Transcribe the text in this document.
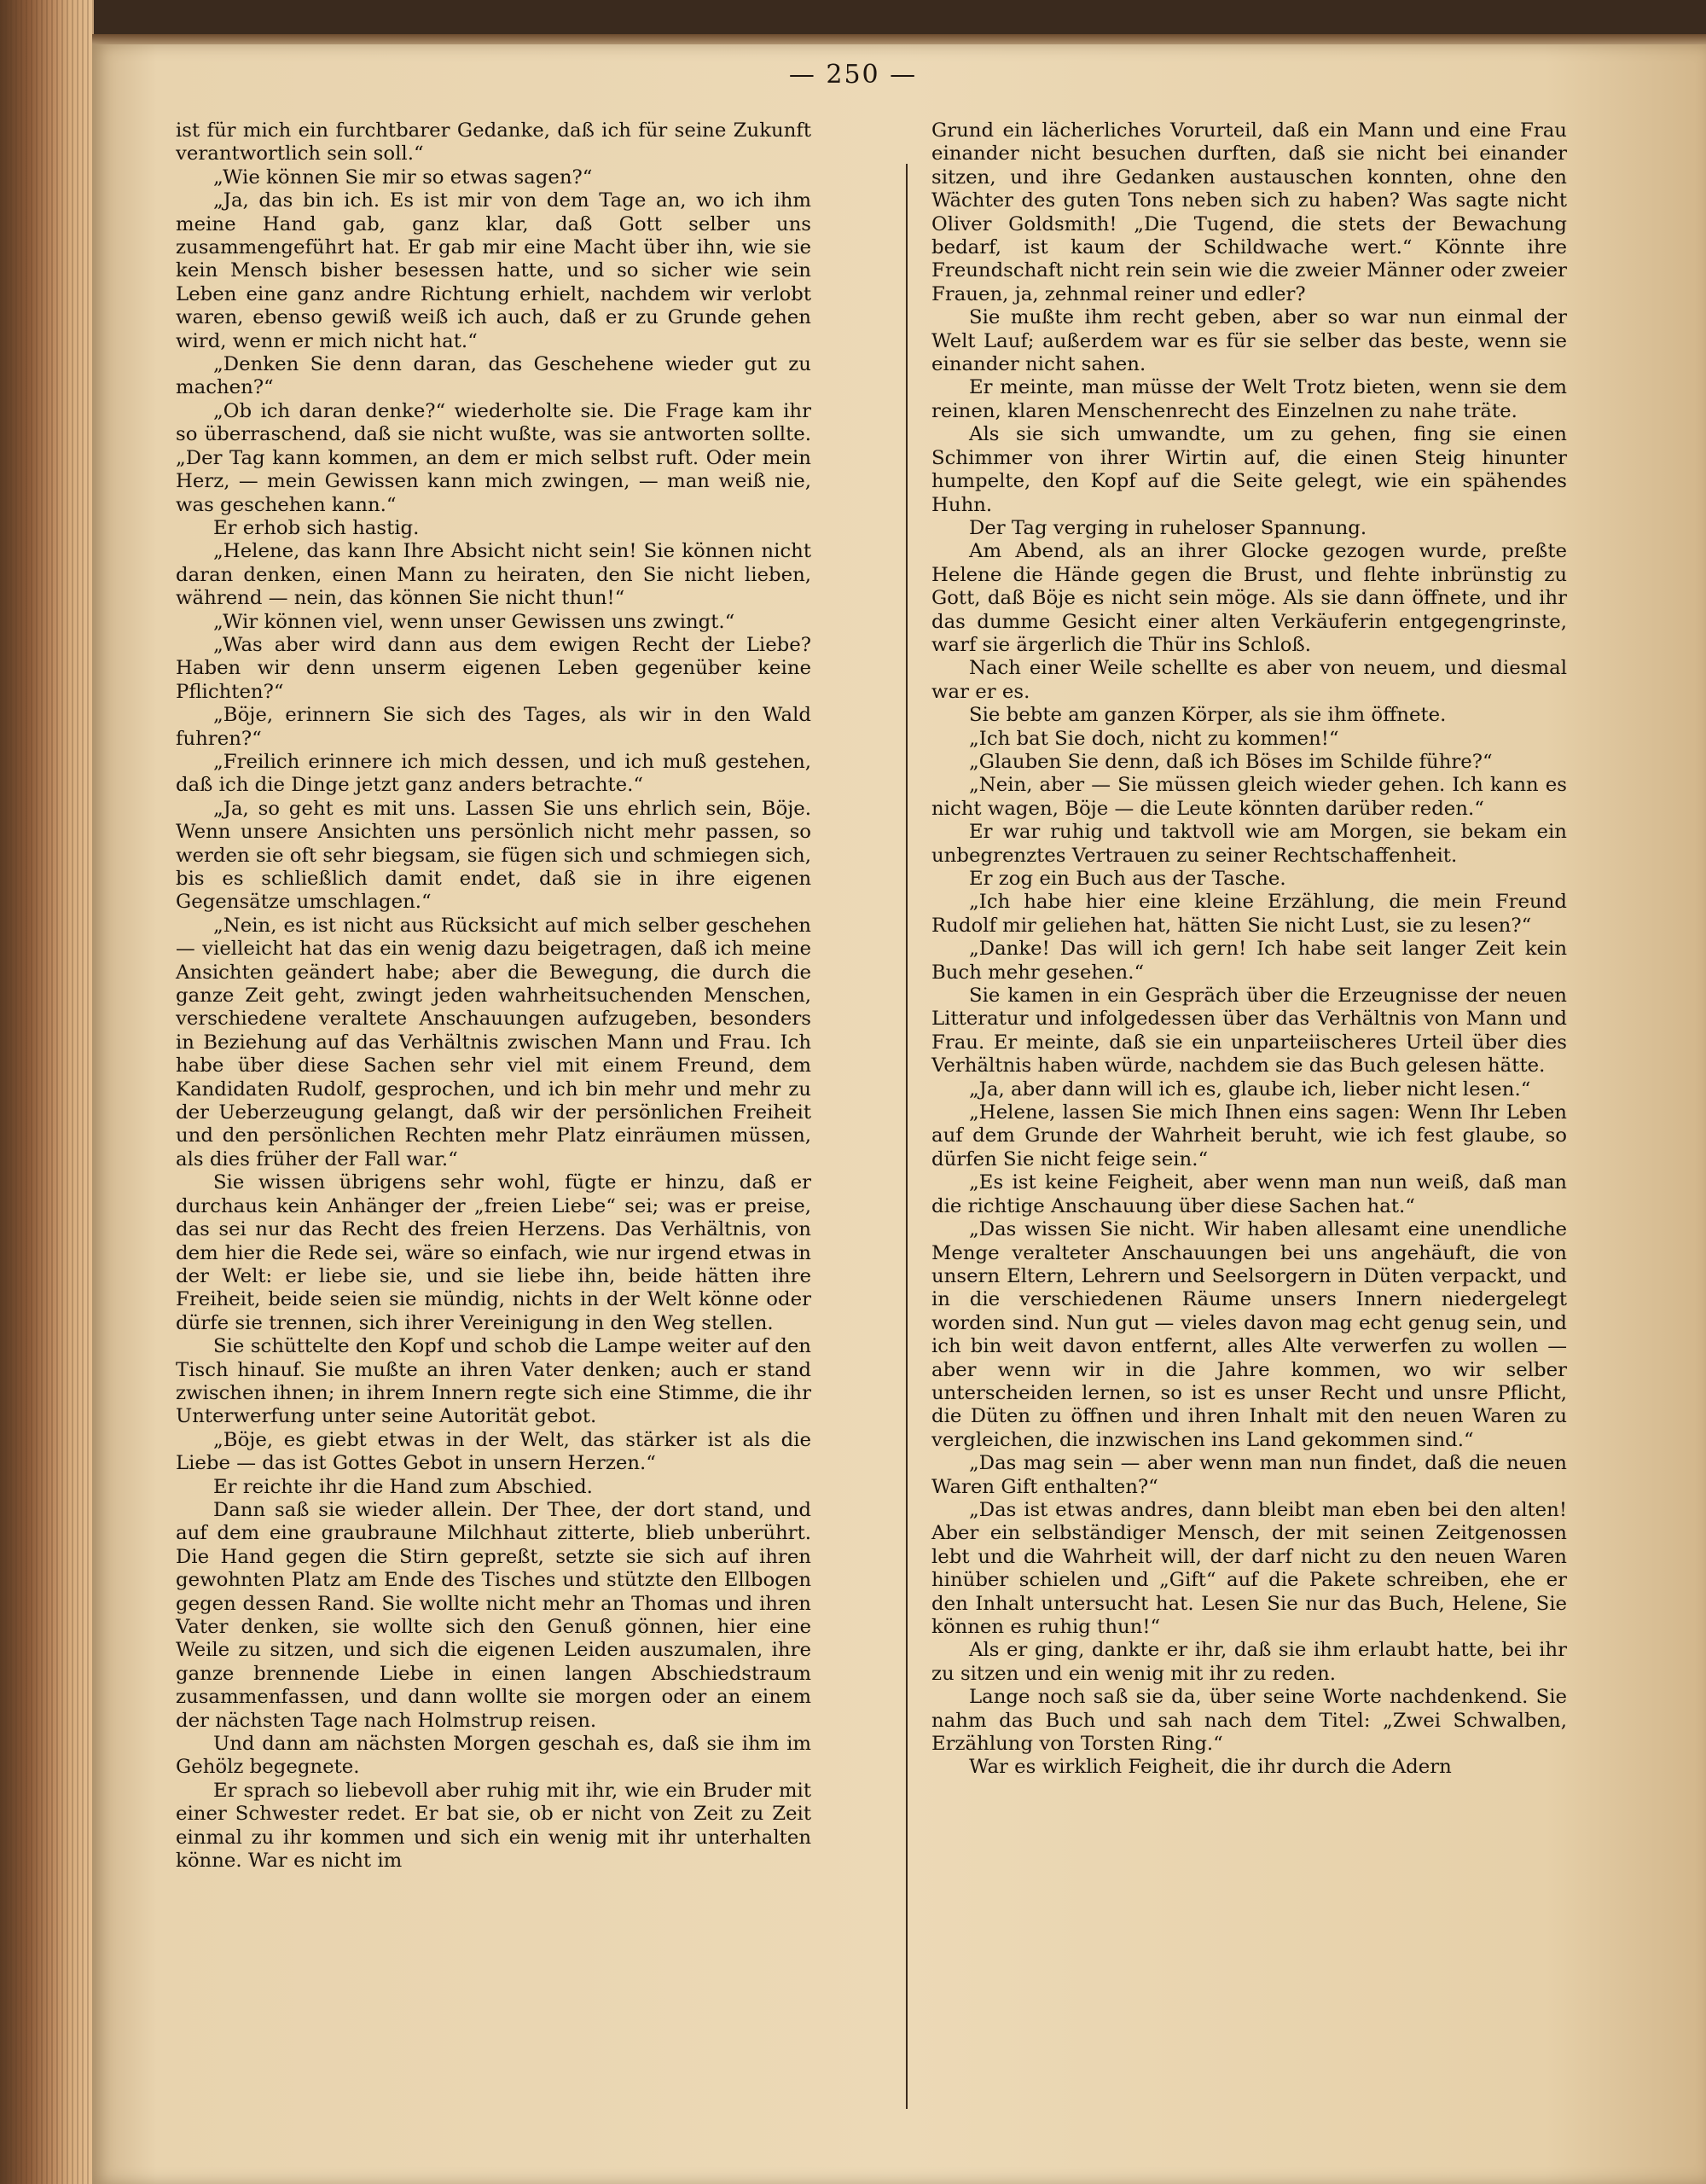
— 250 —

ist für mich ein furchtbarer Gedanke, daß ich für seine Zukunft verantwortlich sein soll.“

„Wie können Sie mir so etwas sagen?“

„Ja, das bin ich. Es ist mir von dem Tage an, wo ich ihm meine Hand gab, ganz klar, daß Gott selber uns zusammengeführt hat. Er gab mir eine Macht über ihn, wie sie kein Mensch bisher besessen hatte, und so sicher wie sein Leben eine ganz andre Richtung erhielt, nachdem wir verlobt waren, ebenso gewiß weiß ich auch, daß er zu Grunde gehen wird, wenn er mich nicht hat.“

„Denken Sie denn daran, das Geschehene wieder gut zu machen?“

„Ob ich daran denke?“ wiederholte sie. Die Frage kam ihr so überraschend, daß sie nicht wußte, was sie antworten sollte. „Der Tag kann kommen, an dem er mich selbst ruft. Oder mein Herz, — mein Gewissen kann mich zwingen, — man weiß nie, was geschehen kann.“

Er erhob sich hastig.

„Helene, das kann Ihre Absicht nicht sein! Sie können nicht daran denken, einen Mann zu heiraten, den Sie nicht lieben, während — nein, das können Sie nicht thun!“

„Wir können viel, wenn unser Gewissen uns zwingt.“

„Was aber wird dann aus dem ewigen Recht der Liebe? Haben wir denn unserm eigenen Leben gegenüber keine Pflichten?“

„Böje, erinnern Sie sich des Tages, als wir in den Wald fuhren?“

„Freilich erinnere ich mich dessen, und ich muß gestehen, daß ich die Dinge jetzt ganz anders betrachte.“

„Ja, so geht es mit uns. Lassen Sie uns ehrlich sein, Böje. Wenn unsere Ansichten uns persönlich nicht mehr passen, so werden sie oft sehr biegsam, sie fügen sich und schmiegen sich, bis es schließlich damit endet, daß sie in ihre eigenen Gegensätze umschlagen.“

„Nein, es ist nicht aus Rücksicht auf mich selber geschehen — vielleicht hat das ein wenig dazu beigetragen, daß ich meine Ansichten geändert habe; aber die Bewegung, die durch die ganze Zeit geht, zwingt jeden wahrheitsuchenden Menschen, verschiedene veraltete Anschauungen aufzugeben, besonders in Beziehung auf das Verhältnis zwischen Mann und Frau. Ich habe über diese Sachen sehr viel mit einem Freund, dem Kandidaten Rudolf, gesprochen, und ich bin mehr und mehr zu der Ueberzeugung gelangt, daß wir der persönlichen Freiheit und den persönlichen Rechten mehr Platz einräumen müssen, als dies früher der Fall war.“

Sie wissen übrigens sehr wohl, fügte er hinzu, daß er durchaus kein Anhänger der „freien Liebe“ sei; was er preise, das sei nur das Recht des freien Herzens. Das Verhältnis, von dem hier die Rede sei, wäre so einfach, wie nur irgend etwas in der Welt: er liebe sie, und sie liebe ihn, beide hätten ihre Freiheit, beide seien sie mündig, nichts in der Welt könne oder dürfe sie trennen, sich ihrer Vereinigung in den Weg stellen.

Sie schüttelte den Kopf und schob die Lampe weiter auf den Tisch hinauf. Sie mußte an ihren Vater denken; auch er stand zwischen ihnen; in ihrem Innern regte sich eine Stimme, die ihr Unterwerfung unter seine Autorität gebot.

„Böje, es giebt etwas in der Welt, das stärker ist als die Liebe — das ist Gottes Gebot in unsern Herzen.“

Er reichte ihr die Hand zum Abschied.

Dann saß sie wieder allein. Der Thee, der dort stand, und auf dem eine graubraune Milchhaut zitterte, blieb unberührt. Die Hand gegen die Stirn gepreßt, setzte sie sich auf ihren gewohnten Platz am Ende des Tisches und stützte den Ellbogen gegen dessen Rand. Sie wollte nicht mehr an Thomas und ihren Vater denken, sie wollte sich den Genuß gönnen, hier eine Weile zu sitzen, und sich die eigenen Leiden auszumalen, ihre ganze brennende Liebe in einen langen Abschiedstraum zusammenfassen, und dann wollte sie morgen oder an einem der nächsten Tage nach Holmstrup reisen.

Und dann am nächsten Morgen geschah es, daß sie ihm im Gehölz begegnete.

Er sprach so liebevoll aber ruhig mit ihr, wie ein Bruder mit einer Schwester redet. Er bat sie, ob er nicht von Zeit zu Zeit einmal zu ihr kommen und sich ein wenig mit ihr unterhalten könne. War es nicht im

Grund ein lächerliches Vorurteil, daß ein Mann und eine Frau einander nicht besuchen durften, daß sie nicht bei einander sitzen, und ihre Gedanken austauschen konnten, ohne den Wächter des guten Tons neben sich zu haben? Was sagte nicht Oliver Goldsmith! „Die Tugend, die stets der Bewachung bedarf, ist kaum der Schildwache wert.“ Könnte ihre Freundschaft nicht rein sein wie die zweier Männer oder zweier Frauen, ja, zehnmal reiner und edler?

Sie mußte ihm recht geben, aber so war nun einmal der Welt Lauf; außerdem war es für sie selber das beste, wenn sie einander nicht sahen.

Er meinte, man müsse der Welt Trotz bieten, wenn sie dem reinen, klaren Menschenrecht des Einzelnen zu nahe träte.

Als sie sich umwandte, um zu gehen, fing sie einen Schimmer von ihrer Wirtin auf, die einen Steig hinunter humpelte, den Kopf auf die Seite gelegt, wie ein spähendes Huhn.

Der Tag verging in ruheloser Spannung.

Am Abend, als an ihrer Glocke gezogen wurde, preßte Helene die Hände gegen die Brust, und flehte inbrünstig zu Gott, daß Böje es nicht sein möge. Als sie dann öffnete, und ihr das dumme Gesicht einer alten Verkäuferin entgegengrinste, warf sie ärgerlich die Thür ins Schloß.

Nach einer Weile schellte es aber von neuem, und diesmal war er es.

Sie bebte am ganzen Körper, als sie ihm öffnete.

„Ich bat Sie doch, nicht zu kommen!“

„Glauben Sie denn, daß ich Böses im Schilde führe?“

„Nein, aber — Sie müssen gleich wieder gehen. Ich kann es nicht wagen, Böje — die Leute könnten darüber reden.“

Er war ruhig und taktvoll wie am Morgen, sie bekam ein unbegrenztes Vertrauen zu seiner Rechtschaffenheit.

Er zog ein Buch aus der Tasche.

„Ich habe hier eine kleine Erzählung, die mein Freund Rudolf mir geliehen hat, hätten Sie nicht Lust, sie zu lesen?“

„Danke! Das will ich gern! Ich habe seit langer Zeit kein Buch mehr gesehen.“

Sie kamen in ein Gespräch über die Erzeugnisse der neuen Litteratur und infolgedessen über das Verhältnis von Mann und Frau. Er meinte, daß sie ein unparteiischeres Urteil über dies Verhältnis haben würde, nachdem sie das Buch gelesen hätte.

„Ja, aber dann will ich es, glaube ich, lieber nicht lesen.“

„Helene, lassen Sie mich Ihnen eins sagen: Wenn Ihr Leben auf dem Grunde der Wahrheit beruht, wie ich fest glaube, so dürfen Sie nicht feige sein.“

„Es ist keine Feigheit, aber wenn man nun weiß, daß man die richtige Anschauung über diese Sachen hat.“

„Das wissen Sie nicht. Wir haben allesamt eine unendliche Menge veralteter Anschauungen bei uns angehäuft, die von unsern Eltern, Lehrern und Seelsorgern in Düten verpackt, und in die verschiedenen Räume unsers Innern niedergelegt worden sind. Nun gut — vieles davon mag echt genug sein, und ich bin weit davon entfernt, alles Alte verwerfen zu wollen — aber wenn wir in die Jahre kommen, wo wir selber unterscheiden lernen, so ist es unser Recht und unsre Pflicht, die Düten zu öffnen und ihren Inhalt mit den neuen Waren zu vergleichen, die inzwischen ins Land gekommen sind.“

„Das mag sein — aber wenn man nun findet, daß die neuen Waren Gift enthalten?“

„Das ist etwas andres, dann bleibt man eben bei den alten! Aber ein selbständiger Mensch, der mit seinen Zeitgenossen lebt und die Wahrheit will, der darf nicht zu den neuen Waren hinüber schielen und „Gift“ auf die Pakete schreiben, ehe er den Inhalt untersucht hat. Lesen Sie nur das Buch, Helene, Sie können es ruhig thun!“

Als er ging, dankte er ihr, daß sie ihm erlaubt hatte, bei ihr zu sitzen und ein wenig mit ihr zu reden.

Lange noch saß sie da, über seine Worte nachdenkend. Sie nahm das Buch und sah nach dem Titel: „Zwei Schwalben, Erzählung von Torsten Ring.“

War es wirklich Feigheit, die ihr durch die Adern
